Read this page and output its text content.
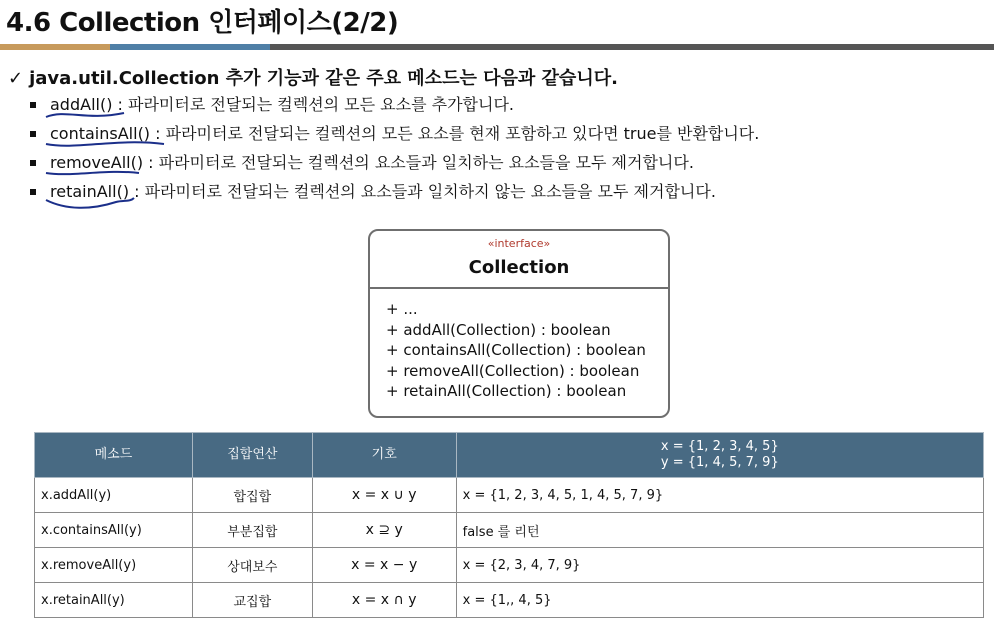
4.6 Collection 인터페이스(2/2)
✓ java.util.Collection 추가 기능과 같은 주요 메소드는 다음과 같습니다.
addAll()
: 파라미터로 전달되는 컬렉션의 모든 요소를 추가합니다.
containsAll()
: 파라미터로 전달되는 컬렉션의 모든 요소를 현재 포함하고 있다면 true를 반환합니다.
removeAll()
: 파라미터로 전달되는 컬렉션의 요소들과 일치하는 요소들을 모두 제거합니다.
retainAll()
: 파라미터로 전달되는 컬렉션의 요소들과 일치하지 않는 요소들을 모두 제거합니다.
«interface»
Collection
+ ...
+ addAll(Collection) : boolean
+ containsAll(Collection) : boolean
+ removeAll(Collection) : boolean
+ retainAll(Collection) : boolean
메소드	집합연산	기호	x = {1, 2, 3, 4, 5}
y = {1, 4, 5, 7, 9}

x.addAll(y)	합집합	x = x ∪ y	x = {1, 2, 3, 4, 5, 1, 4, 5, 7, 9}
x.containsAll(y)	부분집합	x ⊇ y	false 를 리턴
x.removeAll(y)	상대보수	x = x − y	x = {2, 3, 4, 7, 9}
x.retainAll(y)	교집합	x = x ∩ y	x = {1,, 4, 5}
